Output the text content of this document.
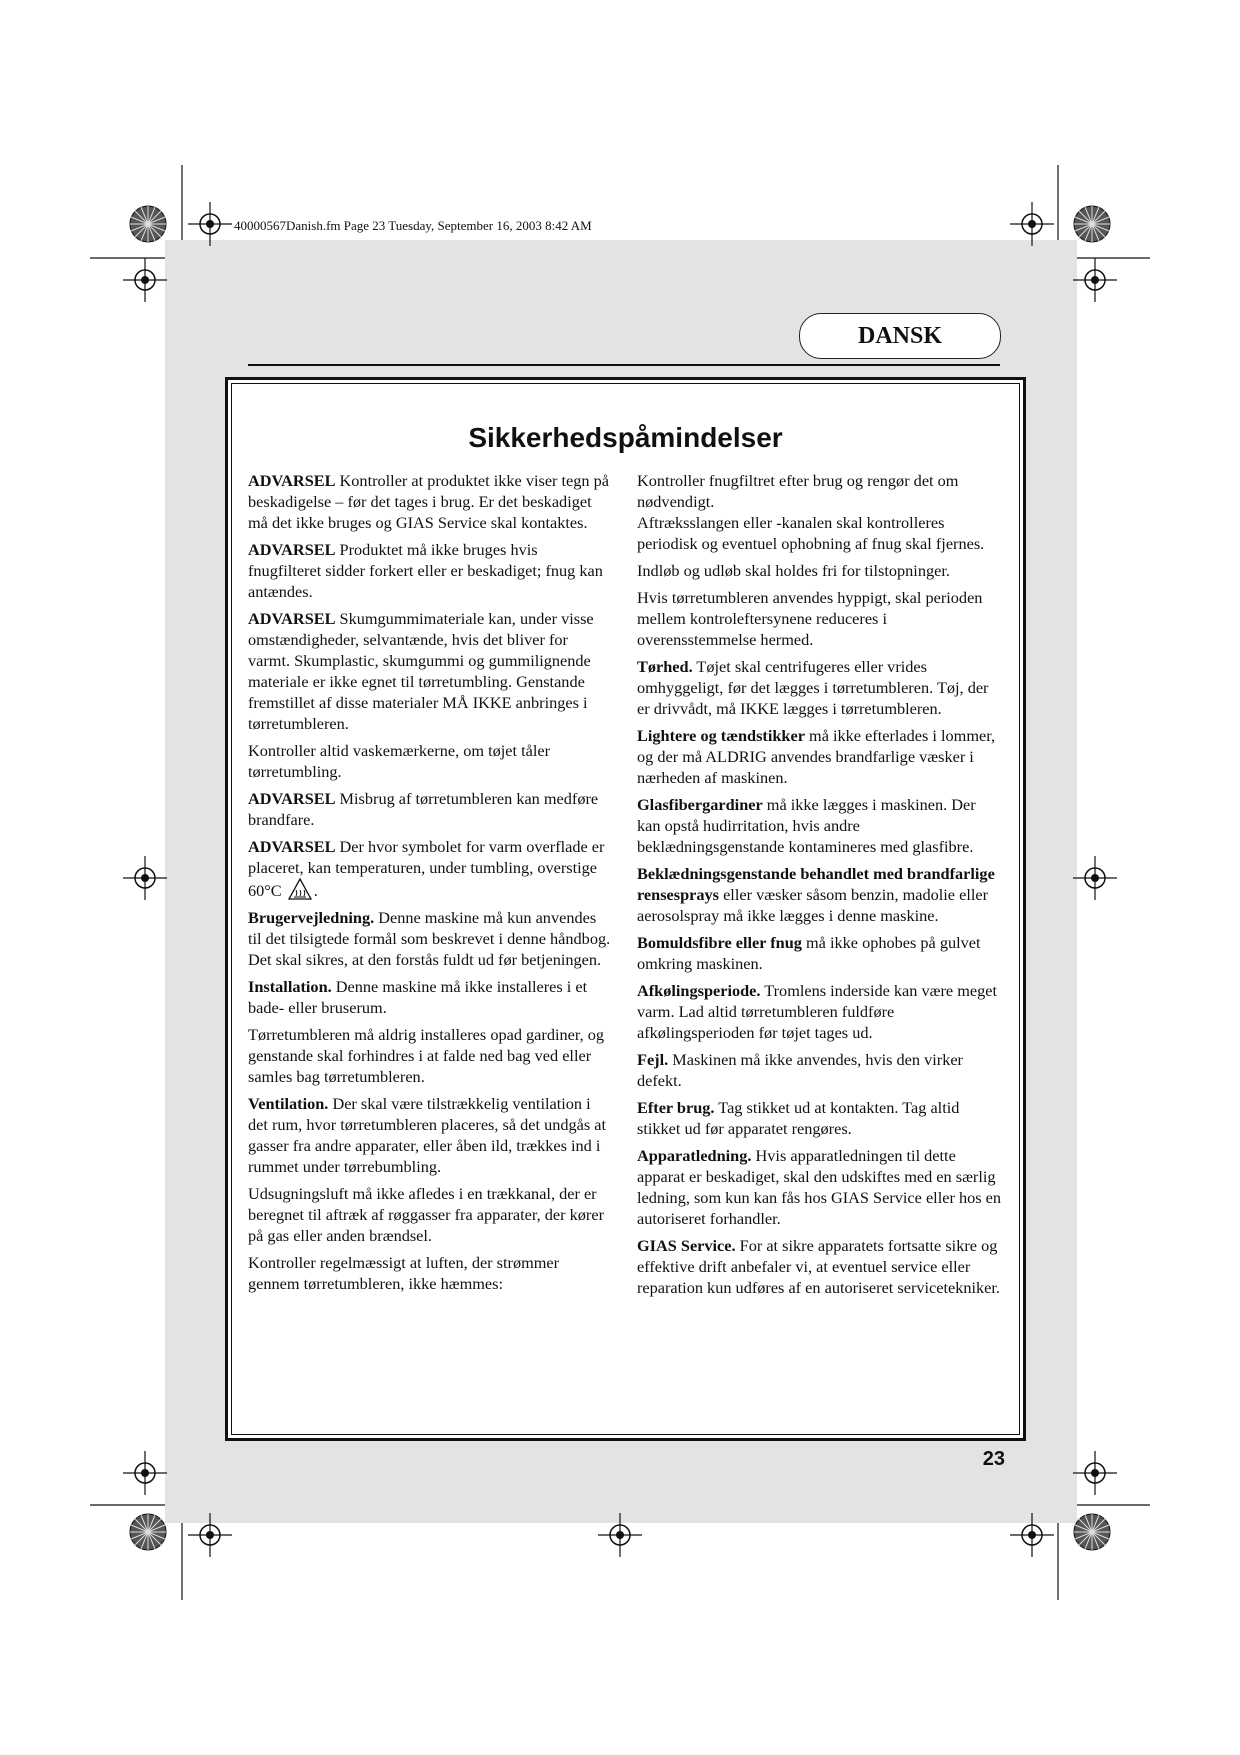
40000567Danish.fm Page 23 Tuesday, September 16, 2003 8:42 AM
DANSK
Sikkerhedspåmindelser

ADVARSEL Kontroller at produktet ikke viser tegn på beskadigelse – før det tages i brug. Er det beskadiget må det ikke bruges og GIAS Service skal kontaktes.

ADVARSEL Produktet må ikke bruges hvis fnugfilteret sidder forkert eller er beskadiget; fnug kan antændes.

ADVARSEL Skumgummimateriale kan, under visse omstændigheder, selvantænde, hvis det bliver for varmt. Skumplastic, skumgummi og gummilignende materiale er ikke egnet til tørretumbling. Genstande fremstillet af disse materialer MÅ IKKE anbringes i tørretumbleren.

Kontroller altid vaskemærkerne, om tøjet tåler tørretumbling.

ADVARSEL Misbrug af tørretumbleren kan medføre brandfare.

ADVARSEL Der hvor symbolet for varm overflade er placeret, kan temperaturen, under tumbling, overstige 60°C .

Brugervejledning. Denne maskine må kun anvendes til det tilsigtede formål som beskrevet i denne håndbog. Det skal sikres, at den forstås fuldt ud før betjeningen.

Installation. Denne maskine må ikke installeres i et bade- eller bruserum.

Tørretumbleren må aldrig installeres opad gardiner, og genstande skal forhindres i at falde ned bag ved eller samles bag tørretumbleren.

Ventilation. Der skal være tilstrækkelig ventilation i det rum, hvor tørretumbleren placeres, så det undgås at gasser fra andre apparater, eller åben ild, trækkes ind i rummet under tørrebumbling.

Udsugningsluft må ikke afledes i en trækkanal, der er beregnet til aftræk af røggasser fra apparater, der kører på gas eller anden brændsel.

Kontroller regelmæssigt at luften, der strømmer gennem tørretumbleren, ikke hæmmes:

Kontroller fnugfiltret efter brug og rengør det om nødvendigt.

Aftræksslangen eller -kanalen skal kontrolleres periodisk og eventuel ophobning af fnug skal fjernes.

Indløb og udløb skal holdes fri for tilstopninger.

Hvis tørretumbleren anvendes hyppigt, skal perioden mellem kontroleftersynene reduceres i overensstemmelse hermed.

Tørhed. Tøjet skal centrifugeres eller vrides omhyggeligt, før det lægges i tørretumbleren. Tøj, der er drivvådt, må IKKE lægges i tørretumbleren.

Lightere og tændstikker må ikke efterlades i lommer, og der må ALDRIG anvendes brandfarlige væsker i nærheden af maskinen.

Glasfibergardiner må ikke lægges i maskinen. Der kan opstå hudirritation, hvis andre beklædningsgenstande kontamineres med glasfibre.

Beklædningsgenstande behandlet med brandfarlige rensesprays eller væsker såsom benzin, madolie eller aerosolspray må ikke lægges i denne maskine.

Bomuldsfibre eller fnug må ikke ophobes på gulvet omkring maskinen.

Afkølingsperiode. Tromlens inderside kan være meget varm. Lad altid tørretumbleren fuldføre afkølingsperioden før tøjet tages ud.

Fejl. Maskinen må ikke anvendes, hvis den virker defekt.

Efter brug. Tag stikket ud at kontakten. Tag altid stikket ud før apparatet rengøres.

Apparatledning. Hvis apparatledningen til dette apparat er beskadiget, skal den udskiftes med en særlig ledning, som kun kan fås hos GIAS Service eller hos en autoriseret forhandler.

GIAS Service. For at sikre apparatets fortsatte sikre og effektive drift anbefaler vi, at eventuel service eller reparation kun udføres af en autoriseret servicetekniker.

23
